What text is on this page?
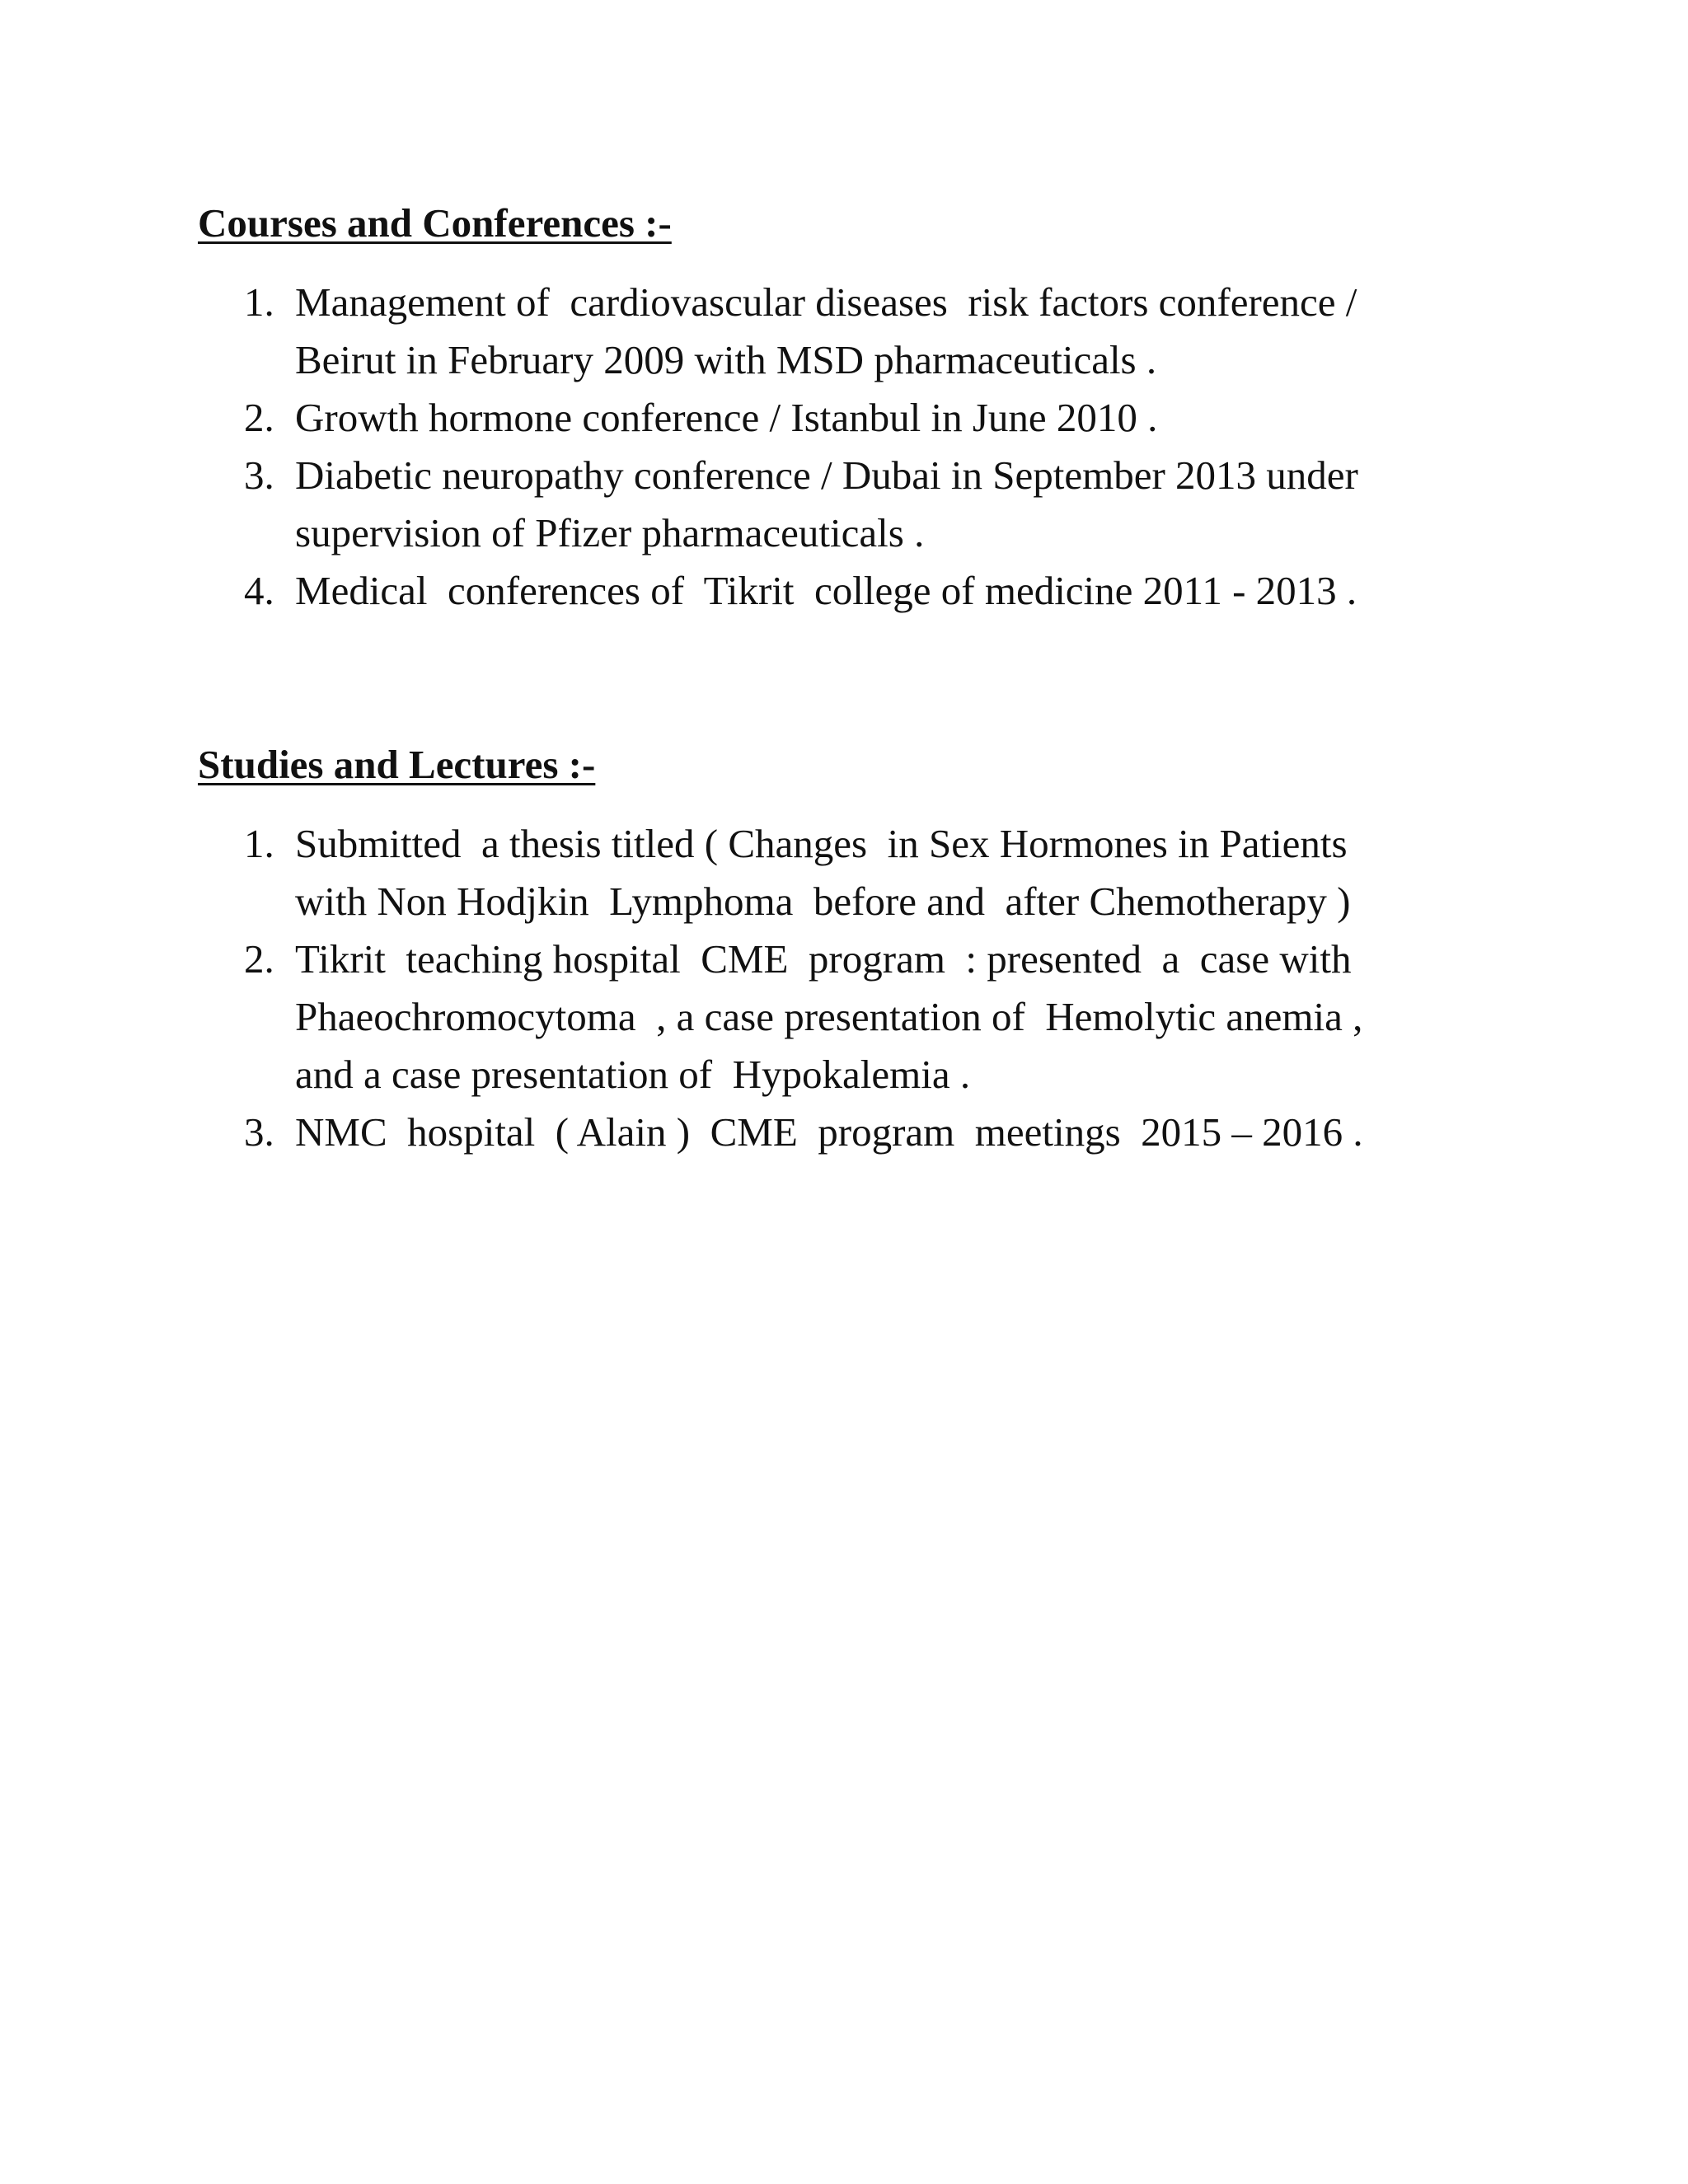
Courses and Conferences :-
1. Management of  cardiovascular diseases  risk factors conference /
Beirut in February 2009 with MSD pharmaceuticals .
2. Growth hormone conference / Istanbul in June 2010 .
3. Diabetic neuropathy conference / Dubai in September 2013 under
supervision of Pfizer pharmaceuticals .
4. Medical  conferences of  Tikrit  college of medicine 2011 - 2013 .
Studies and Lectures :-
1. Submitted  a thesis titled ( Changes  in Sex Hormones in Patients
with Non Hodjkin  Lymphoma  before and  after Chemotherapy )
2. Tikrit  teaching hospital  CME  program  : presented  a  case with
Phaeochromocytoma  , a case presentation of  Hemolytic anemia ,
and a case presentation of  Hypokalemia .
3. NMC  hospital  ( Alain )  CME  program  meetings  2015 – 2016 .
